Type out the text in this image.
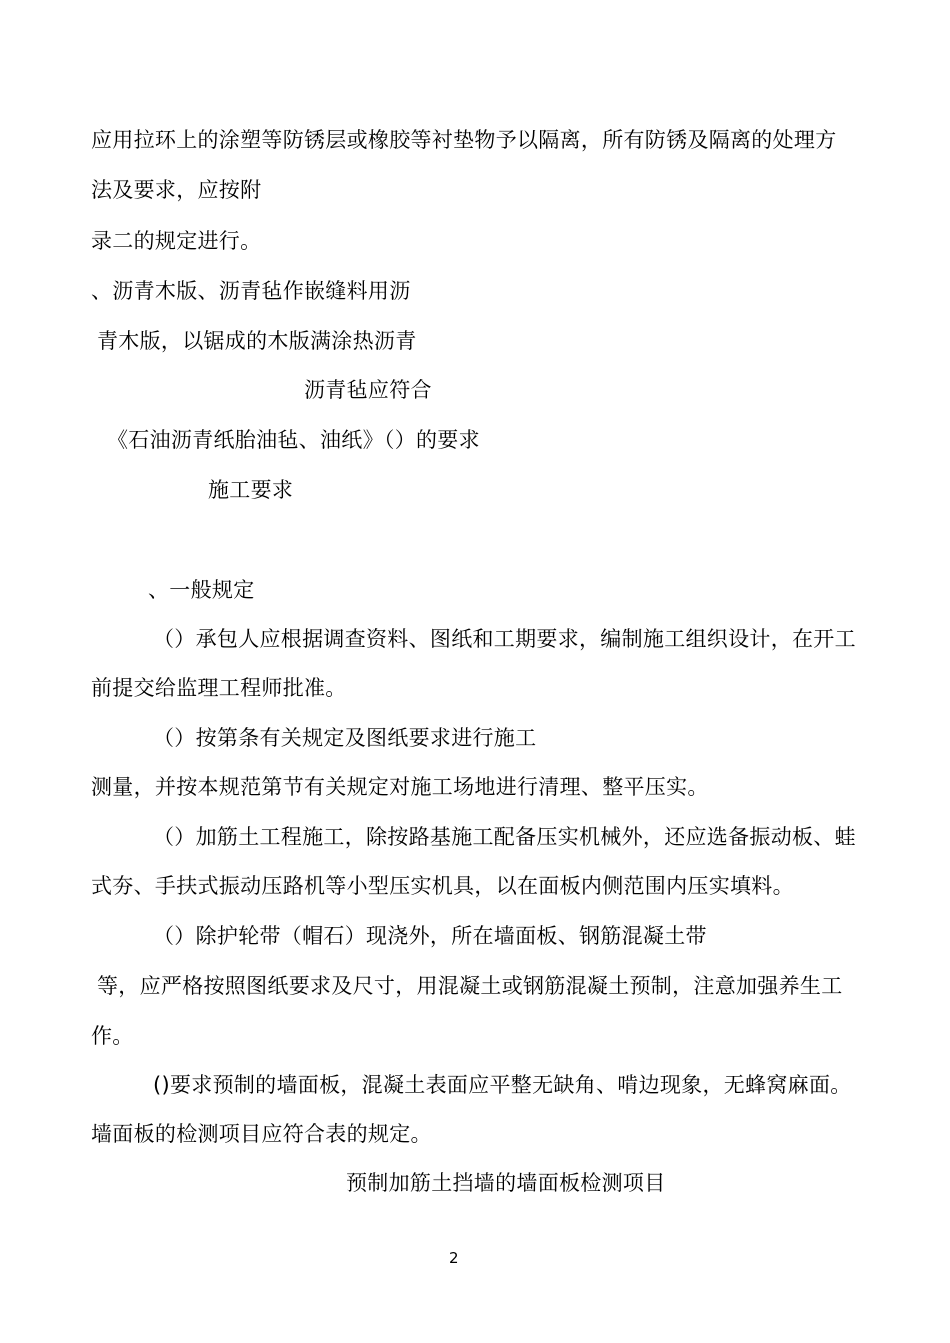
应用拉环上的涂塑等防锈层或橡胶等衬垫物予以隔离，所有防锈及隔离的处理方
法及要求，应按附
录二的规定进行。
、沥青木版、沥青毡作嵌缝料用沥
青木版，以锯成的木版满涂热沥青
沥青毡应符合
《石油沥青纸胎油毡、油纸》（）的要求
施工要求
、一般规定
（）承包人应根据调查资料、图纸和工期要求，编制施工组织设计，在开工
前提交给监理工程师批准。
（）按第条有关规定及图纸要求进行施工
测量，并按本规范第节有关规定对施工场地进行清理、整平压实。
（）加筋土工程施工，除按路基施工配备压实机械外，还应选备振动板、蛙
式夯、手扶式振动压路机等小型压实机具，以在面板内侧范围内压实填料。
（）除护轮带（帽石）现浇外，所在墙面板、钢筋混凝土带
等，应严格按照图纸要求及尺寸，用混凝土或钢筋混凝土预制，注意加强养生工
作。
()要求预制的墙面板，混凝土表面应平整无缺角、啃边现象，无蜂窝麻面。
墙面板的检测项目应符合表的规定。
预制加筋土挡墙的墙面板检测项目
2
